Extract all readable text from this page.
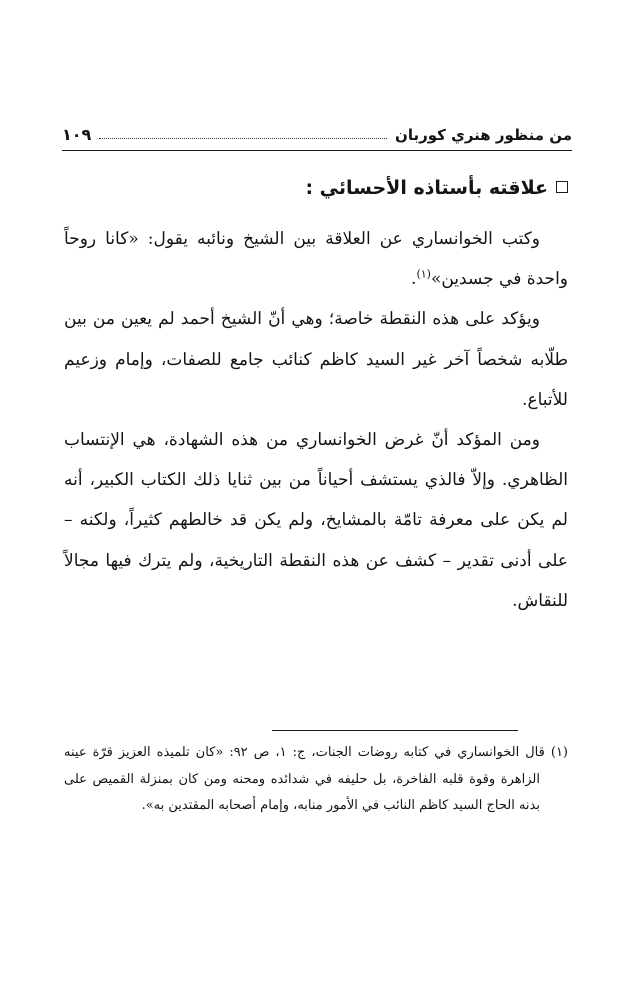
من منظور هنري كوربان
١٠٩
علاقته بأستاذه الأحسائي :

وكتب الخوانساري عن العلاقة بين الشيخ ونائبه يقول: «كانا روحاً واحدة في جسدين»$^{(١)}$.

ويؤكد على هذه النقطة خاصة؛ وهي أنّ الشيخ أحمد لم يعين من بين طلّابه شخصاً آخر غير السيد كاظم كنائب جامع للصفات، وإمام وزعيم للأتباع.

ومن المؤكد أنّ غرض الخوانساري من هذه الشهادة، هي الإنتساب الظاهري. وإلاّ فالذي يستشف أحياناً من بين ثنايا ذلك الكتاب الكبير، أنه لم يكن على معرفة تامّة بالمشايخ، ولم يكن قد خالطهم كثيراً، ولكنه – على أدنى تقدير – كشف عن هذه النقطة التاريخية، ولم يترك فيها مجالاً للنقاش.

(١) قال الخوانساري في كتابه روضات الجنات، ج: ١، ص ٩٢: «كان تلميذه العزيز قرّة عينه الزاهرة وقوة قلبه الفاخرة، بل حليفه في شدائده ومحنه ومن كان بمنزلة القميص على بدنه الحاج السيد كاظم النائب في الأمور منابه، وإمام أصحابه المقتدين به».
